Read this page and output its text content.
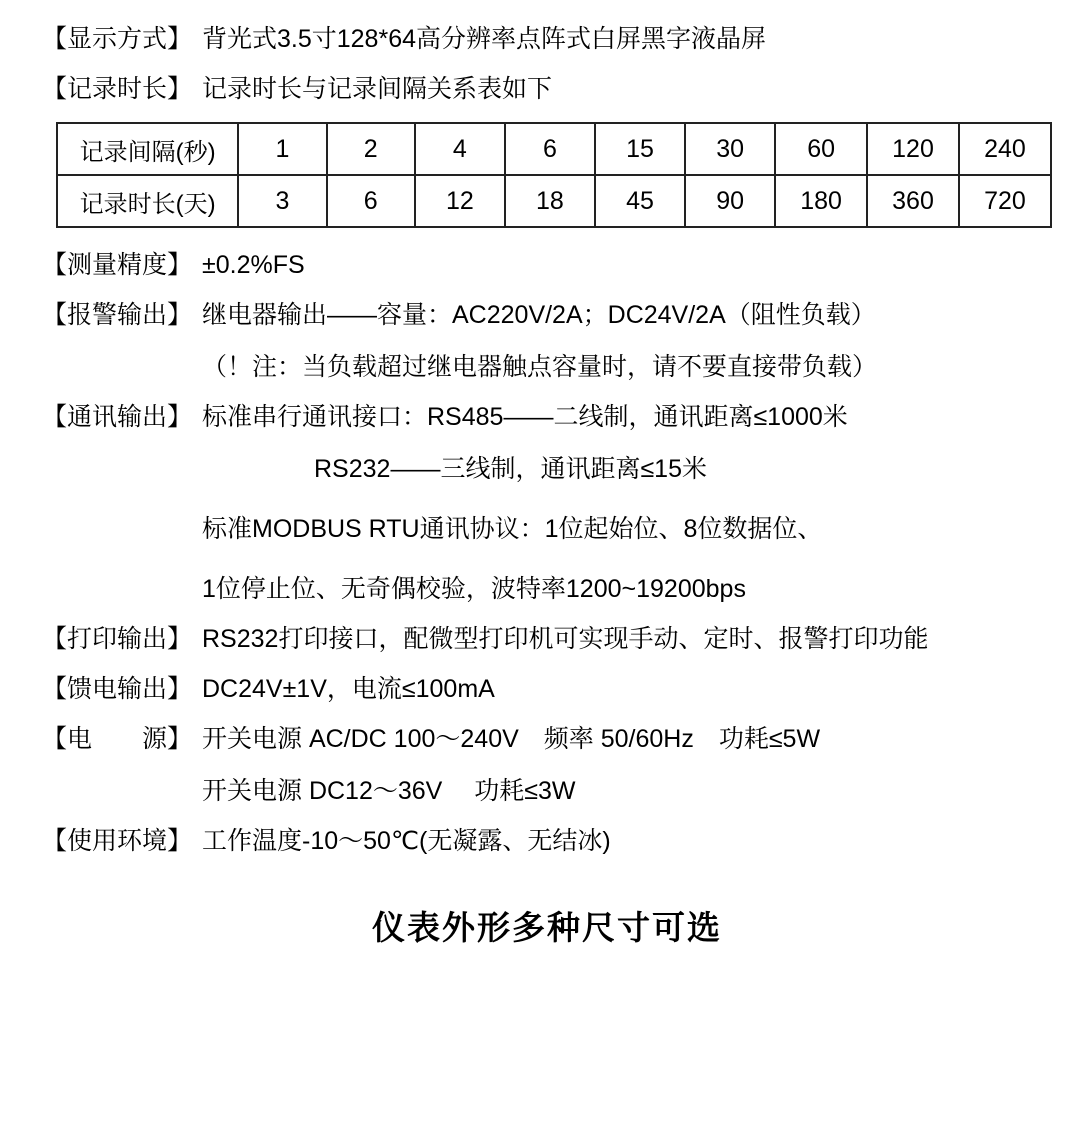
【显示方式】 背光式3.5寸128*64高分辨率点阵式白屏黑字液晶屏
【记录时长】 记录时长与记录间隔关系表如下
记录间隔(秒)	1	2	4	6	15	30	60	120	240
记录时长(天)	3	6	12	18	45	90	180	360	720
【测量精度】 ±0.2%FS
【报警输出】 继电器输出——容量：AC220V/2A；DC24V/2A（阻性负载）
（！注：当负载超过继电器触点容量时，请不要直接带负载）
【通讯输出】 标准串行通讯接口：RS485——二线制，通讯距离≤1000米
RS232——三线制，通讯距离≤15米
标准MODBUS RTU通讯协议：1位起始位、8位数据位、
1位停止位、无奇偶校验，波特率1200~19200bps
【打印输出】 RS232打印接口，配微型打印机可实现手动、定时、报警打印功能
【馈电输出】 DC24V±1V，电流≤100mA
【电　　源】 开关电源 AC/DC 100～240V　频率 50/60Hz　功耗≤5W
开关电源 DC12～36V　 功耗≤3W
【使用环境】 工作温度-10～50℃(无凝露、无结冰)
仪表外形多种尺寸可选
